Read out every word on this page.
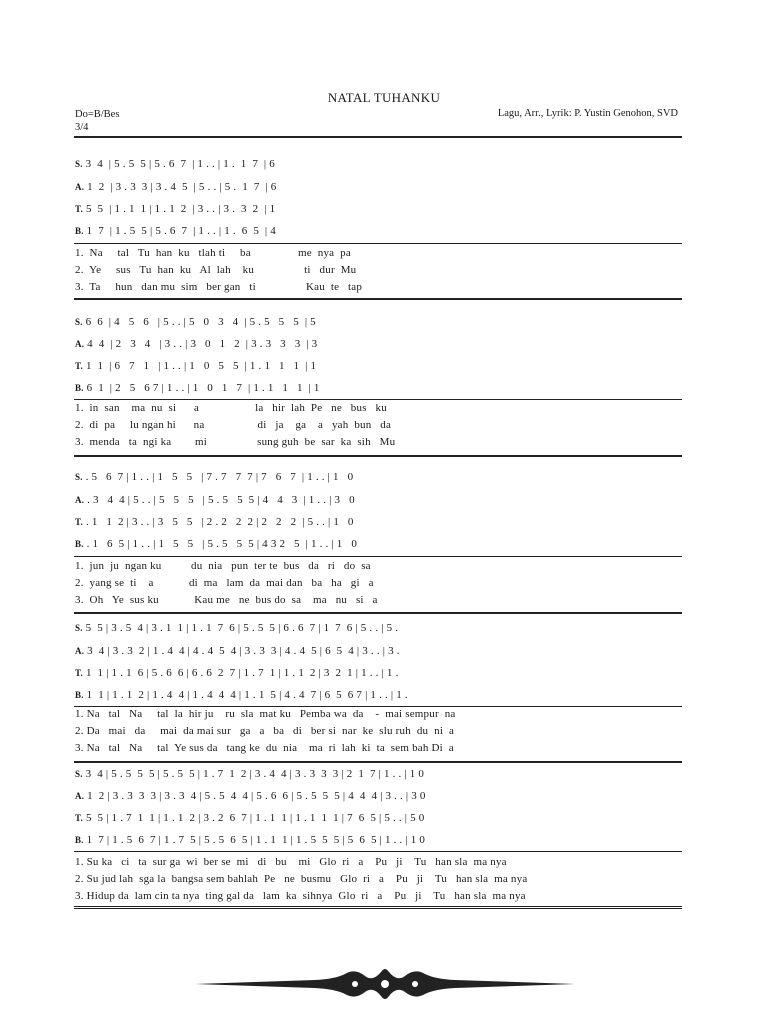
NATAL TUHANKU
Do=B/Bes
3/4
Lagu, Arr., Lyrik: P. Yustin Genohon, SVD
S. 3  4  | 5 . 5  5 | 5 . 6  7  | 1 . . | 1 .  1  7  | 6
A. 1  2  | 3 . 3  3 | 3 . 4  5  | 5 . . | 5 .  1  7  | 6
T. 5  5  | 1 . 1  1 | 1 . 1  2  | 3 . . | 3 .  3  2  | 1
B. 1  7  | 1 . 5  5 | 5 . 6  7  | 1 . . | 1 .  6  5  | 4
1.  Na     tal   Tu  han  ku   tlah ti     ba                me  nya  pa
2.  Ye     sus   Tu  han  ku   Al  lah    ku                 ti   dur  Mu
3.  Ta     hun   dan mu  sim   ber gan   ti                 Kau  te   tap
S. 6  6  | 4   5   6   | 5 . . | 5   0   3   4  | 5 . 5   5   5  | 5
A. 4  4  | 2   3   4   | 3 . . | 3   0   1   2  | 3 . 3   3   3  | 3
T. 1  1  | 6   7   1   | 1 . . | 1   0   5   5  | 1 . 1   1   1  | 1
B. 6  1  | 2   5   6 7 | 1 . . | 1   0   1   7  | 1 . 1   1   1  | 1
1.  in  san    ma  nu  si      a                   la   hir  lah  Pe   ne   bus   ku
2.  di  pa     lu ngan hi      na                  di   ja    ga    a   yah  bun   da
3.  menda   ta  ngi ka        mi                 sung guh  be  sar  ka  sih   Mu
S. . 5   6  7 | 1 . . | 1   5   5   | 7 . 7   7  7 | 7   6   7  | 1 . . | 1   0
A. . 3   4  4 | 5 . . | 5   5   5   | 5 . 5   5  5 | 4   4   3  | 1 . . | 3   0
T. . 1   1  2 | 3 . . | 3   5   5   | 2 . 2   2  2 | 2   2   2  | 5 . . | 1   0
B. . 1   6  5 | 1 . . | 1   5   5   | 5 . 5   5  5 | 4 3 2   5  | 1 . . | 1   0
1.  jun  ju  ngan ku          du  nia   pun  ter te  bus   da   ri   do  sa
2.  yang se  ti    a            di  ma   lam  da  mai dan   ba   ha   gi   a
3.  Oh   Ye  sus ku            Kau me   ne  bus do  sa    ma   nu   si   a
S. 5  5 | 3 . 5  4 | 3 . 1  1 | 1 . 1  7  6 | 5 . 5  5 | 6 . 6  7 | 1  7  6 | 5 . . | 5 .
A. 3  4 | 3 . 3  2 | 1 . 4  4 | 4 . 4  5  4 | 3 . 3  3 | 4 . 4  5 | 6  5  4 | 3 . . | 3 .
T. 1  1 | 1 . 1  6 | 5 . 6  6 | 6 . 6  2  7 | 1 . 7  1 | 1 . 1  2 | 3  2  1 | 1 . . | 1 .
B. 1  1 | 1 . 1  2 | 1 . 4  4 | 1 . 4  4  4 | 1 . 1  5 | 4 . 4  7 | 6  5  6 7 | 1 . . | 1 .
1. Na   tal   Na     tal  la  hir ju    ru  sla  mat ku   Pemba wa  da    -  mai sempur  na
2. Da   mai   da     mai  da mai sur   ga   a   ba   di   ber si  nar  ke  slu ruh  du  ni  a
3. Na   tal   Na     tal  Ye sus da   tang ke  du  nia    ma  ri  lah  ki  ta  sem bah Di  a
S. 3  4 | 5 . 5  5  5 | 5 . 5  5 | 1 . 7  1  2 | 3 . 4  4 | 3 . 3  3  3 | 2  1  7 | 1 . . | 1 0
A. 1  2 | 3 . 3  3  3 | 3 . 3  4 | 5 . 5  4  4 | 5 . 6  6 | 5 . 5  5  5 | 4  4  4 | 3 . . | 3 0
T. 5  5 | 1 . 7  1  1 | 1 . 1  2 | 3 . 2  6  7 | 1 . 1  1 | 1 . 1  1  1 | 7  6  5 | 5 . . | 5 0
B. 1  7 | 1 . 5  6  7 | 1 . 7  5 | 5 . 5  6  5 | 1 . 1  1 | 1 . 5  5  5 | 5  6  5 | 1 . . | 1 0
1. Su ka   ci   ta  sur ga  wi  ber se  mi   di   bu    mi   Glo  ri   a    Pu   ji    Tu   han sla  ma nya
2. Su jud lah  sga la  bangsa sem bahlah  Pe   ne  busmu   Glo  ri   a    Pu   ji    Tu   han sla  ma nya
3. Hidup da  lam cin ta nya  ting gal da   lam  ka  sihnya  Glo  ri   a    Pu   ji    Tu   han sla  ma nya
